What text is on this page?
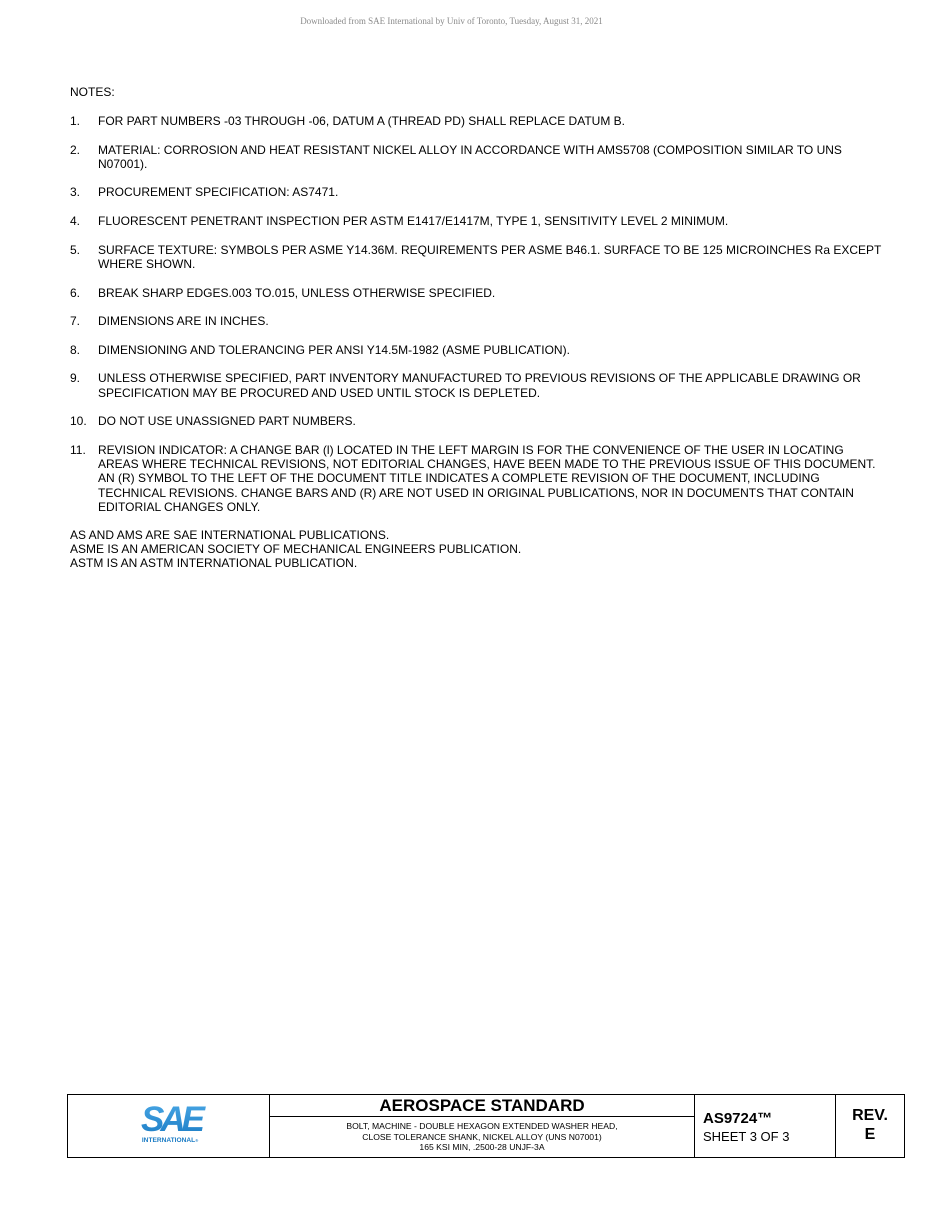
Downloaded from SAE International by Univ of Toronto, Tuesday, August 31, 2021
NOTES:
1.	FOR PART NUMBERS -03 THROUGH -06, DATUM A (THREAD PD) SHALL REPLACE DATUM B.
2.	MATERIAL: CORROSION AND HEAT RESISTANT NICKEL ALLOY IN ACCORDANCE WITH AMS5708 (COMPOSITION SIMILAR TO UNS N07001).
3.	PROCUREMENT SPECIFICATION: AS7471.
4.	FLUORESCENT PENETRANT INSPECTION PER ASTM E1417/E1417M, TYPE 1, SENSITIVITY LEVEL 2 MINIMUM.
5.	SURFACE TEXTURE: SYMBOLS PER ASME Y14.36M. REQUIREMENTS PER ASME B46.1. SURFACE TO BE 125 MICROINCHES Ra EXCEPT WHERE SHOWN.
6.	BREAK SHARP EDGES.003 TO.015, UNLESS OTHERWISE SPECIFIED.
7.	DIMENSIONS ARE IN INCHES.
8.	DIMENSIONING AND TOLERANCING PER ANSI Y14.5M-1982 (ASME PUBLICATION).
9.	UNLESS OTHERWISE SPECIFIED, PART INVENTORY MANUFACTURED TO PREVIOUS REVISIONS OF THE APPLICABLE DRAWING OR SPECIFICATION MAY BE PROCURED AND USED UNTIL STOCK IS DEPLETED.
10. DO NOT USE UNASSIGNED PART NUMBERS.
11.	REVISION INDICATOR: A CHANGE BAR (l) LOCATED IN THE LEFT MARGIN IS FOR THE CONVENIENCE OF THE USER IN LOCATING AREAS WHERE TECHNICAL REVISIONS, NOT EDITORIAL CHANGES, HAVE BEEN MADE TO THE PREVIOUS ISSUE OF THIS DOCUMENT. AN (R) SYMBOL TO THE LEFT OF THE DOCUMENT TITLE INDICATES A COMPLETE REVISION OF THE DOCUMENT, INCLUDING TECHNICAL REVISIONS. CHANGE BARS AND (R) ARE NOT USED IN ORIGINAL PUBLICATIONS, NOR IN DOCUMENTS THAT CONTAIN EDITORIAL CHANGES ONLY.
AS AND AMS ARE SAE INTERNATIONAL PUBLICATIONS.
ASME IS AN AMERICAN SOCIETY OF MECHANICAL ENGINEERS PUBLICATION.
ASTM IS AN ASTM INTERNATIONAL PUBLICATION.
SAE
INTERNATIONAL®
AEROSPACE STANDARD
BOLT, MACHINE - DOUBLE HEXAGON EXTENDED WASHER HEAD,
CLOSE TOLERANCE SHANK, NICKEL ALLOY (UNS N07001)
165 KSI MIN, .2500-28 UNJF-3A
AS9724™
SHEET 3 OF 3
REV.
E
